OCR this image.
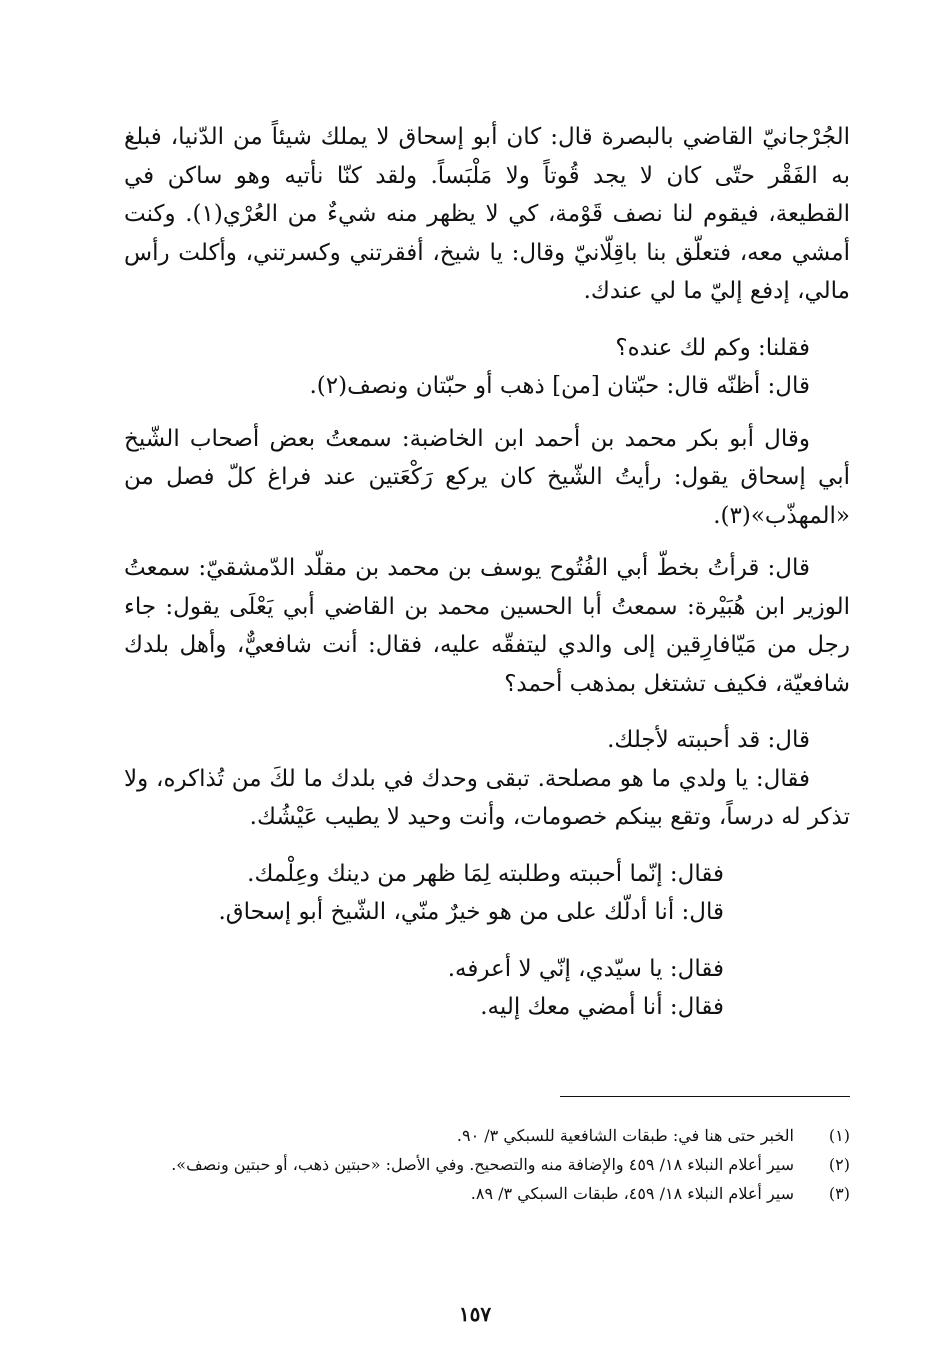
الجُرْجانيّ القاضي بالبصرة قال: كان أبو إسحاق لا يملك شيئاً من الدّنيا، فبلغ به الفَقْر حتّى كان لا يجد قُوتاً ولا مَلْبَساً. ولقد كنّا نأتيه وهو ساكن في القطيعة، فيقوم لنا نصف قَوْمة، كي لا يظهر منه شيءٌ من العُرْي(١). وكنت أمشي معه، فتعلّق بنا باقِلّانيّ وقال: يا شيخ، أفقرتني وكسرتني، وأكلت رأس مالي، إدفع إليّ ما لي عندك.

فقلنا: وكم لك عنده؟

قال: أظنّه قال: حبّتان [من] ذهب أو حبّتان ونصف(٢).

وقال أبو بكر محمد بن أحمد ابن الخاضبة: سمعتُ بعض أصحاب الشّيخ أبي إسحاق يقول: رأيتُ الشّيخ كان يركع رَكْعَتين عند فراغ كلّ فصل من «المهذّب»(٣).

قال: قرأتُ بخطّ أبي الفُتُوح يوسف بن محمد بن مقلّد الدّمشقيّ: سمعتُ الوزير ابن هُبَيْرة: سمعتُ أبا الحسين محمد بن القاضي أبي يَعْلَى يقول: جاء رجل من مَيّافارِقين إلى والدي ليتفقّه عليه، فقال: أنت شافعيٌّ، وأهل بلدك شافعيّة، فكيف تشتغل بمذهب أحمد؟

قال: قد أحببته لأجلك.

فقال: يا ولدي ما هو مصلحة. تبقى وحدك في بلدك ما لكَ من تُذاكره، ولا تذكر له درساً، وتقع بينكم خصومات، وأنت وحيد لا يطيب عَيْشُك.

فقال: إنّما أحببته وطلبته لِمَا ظهر من دينك وعِلْمك.

قال: أنا أدلّك على من هو خيرٌ منّي، الشّيخ أبو إسحاق.

فقال: يا سيّدي، إنّي لا أعرفه.

فقال: أنا أمضي معك إليه.

(١)
الخبر حتى هنا في: طبقات الشافعية للسبكي ٣/ ٩٠.
(٢)
سير أعلام النبلاء ١٨/ ٤٥٩ والإضافة منه والتصحيح. وفي الأصل: «حبتين ذهب، أو حبتين ونصف».
(٣)
سير أعلام النبلاء ١٨/ ٤٥٩، طبقات السبكي ٣/ ٨٩.
١٥٧
